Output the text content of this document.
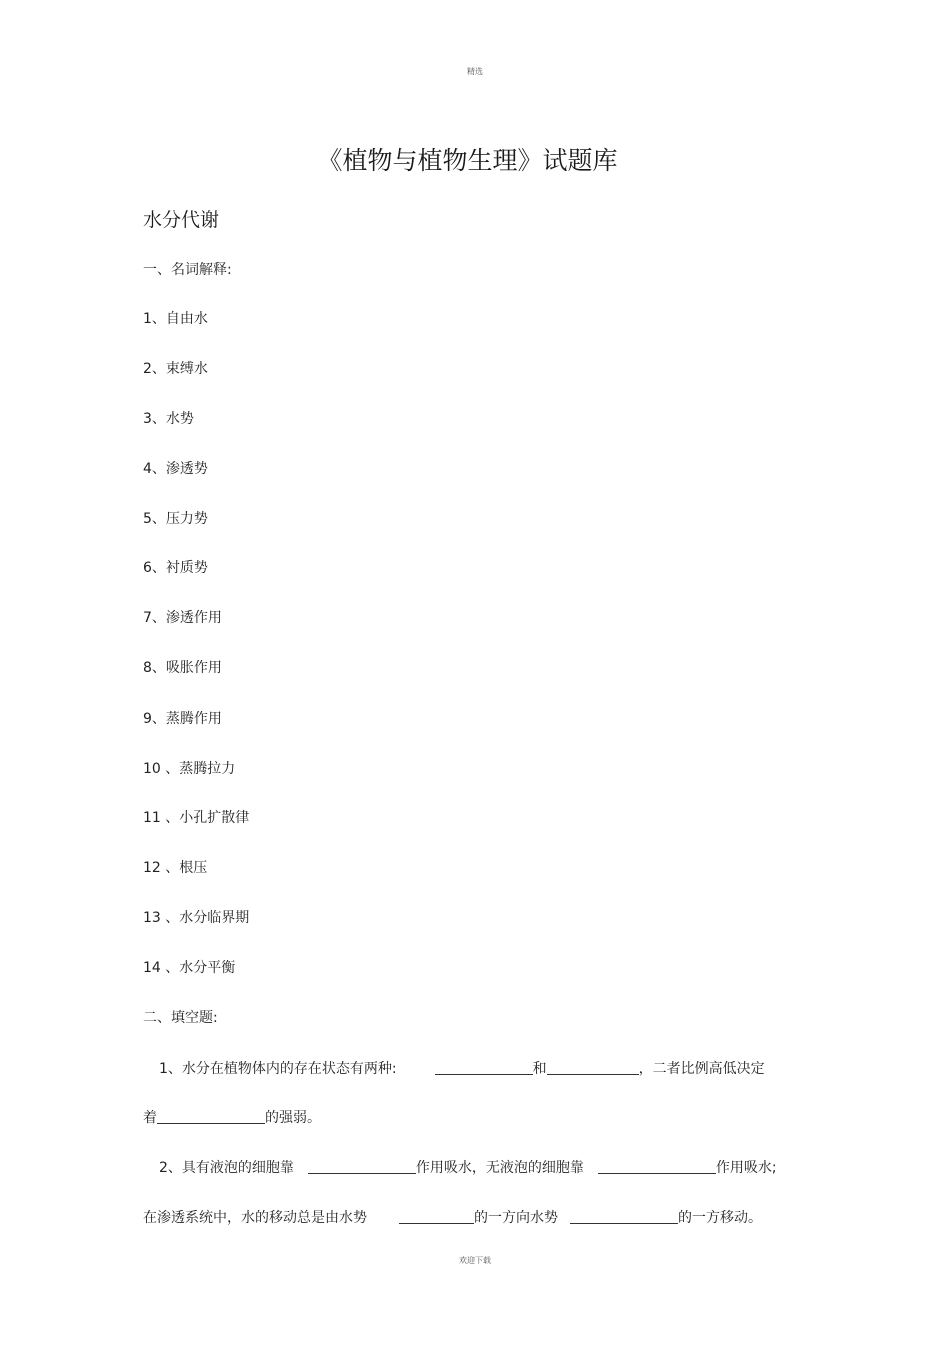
精选
《植物与植物生理》试题库
水分代谢
一、名词解释:
1、自由水
2、束缚水
3、水势
4、渗透势
5、压力势
6、衬质势
7、渗透作用
8、吸胀作用
9、蒸腾作用
10 、蒸腾拉力
11 、小孔扩散律
12 、根压
13 、水分临界期
14 、水分平衡
二、填空题:
1、水分在植物体内的存在状态有两种:	和	，二者比例高低决定
着	的强弱。
2、具有液泡的细胞靠	作用吸水，无液泡的细胞靠	作用吸水;
在渗透系统中，水的移动总是由水势	的一方向水势	的一方移动。
欢迎下载
